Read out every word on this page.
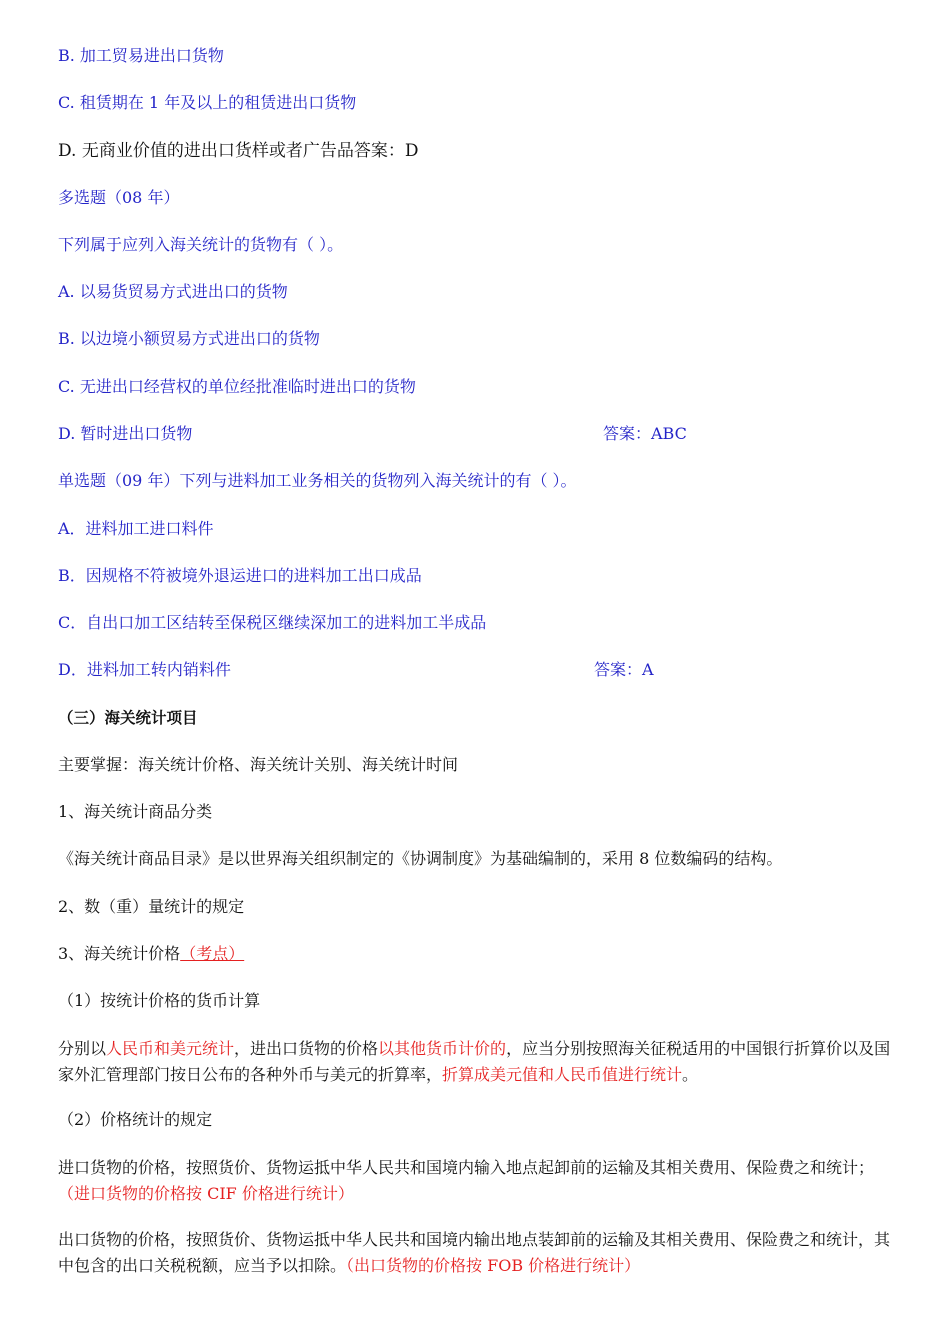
B. 加工贸易进出口货物
C. 租赁期在 1 年及以上的租赁进出口货物
D. 无商业价值的进出口货样或者广告品答案：D
多选题（08 年）
下列属于应列入海关统计的货物有（ ）。
A. 以易货贸易方式进出口的货物
B. 以边境小额贸易方式进出口的货物
C. 无进出口经营权的单位经批准临时进出口的货物
D. 暂时进出口货物	答案：ABC
单选题（09 年）下列与进料加工业务相关的货物列入海关统计的有（ ）。
A．进料加工进口料件
B．因规格不符被境外退运进口的进料加工出口成品
C．自出口加工区结转至保税区继续深加工的进料加工半成品
D．进料加工转内销料件	答案：A
（三）海关统计项目
主要掌握：海关统计价格、海关统计关别、海关统计时间
1、海关统计商品分类
《海关统计商品目录》是以世界海关组织制定的《协调制度》为基础编制的，采用 8 位数编码的结构。
2、数（重）量统计的规定
3、海关统计价格（考点）
（1）按统计价格的货币计算
分别以人民币和美元统计，进出口货物的价格以其他货币计价的，应当分别按照海关征税适用的中国银行折算价以及国家外汇管理部门按日公布的各种外币与美元的折算率，折算成美元值和人民币值进行统计。
（2）价格统计的规定
进口货物的价格，按照货价、货物运抵中华人民共和国境内输入地点起卸前的运输及其相关费用、保险费之和统计；（进口货物的价格按 CIF 价格进行统计）
出口货物的价格，按照货价、货物运抵中华人民共和国境内输出地点装卸前的运输及其相关费用、保险费之和统计，其中包含的出口关税税额，应当予以扣除。（出口货物的价格按 FOB 价格进行统计）
